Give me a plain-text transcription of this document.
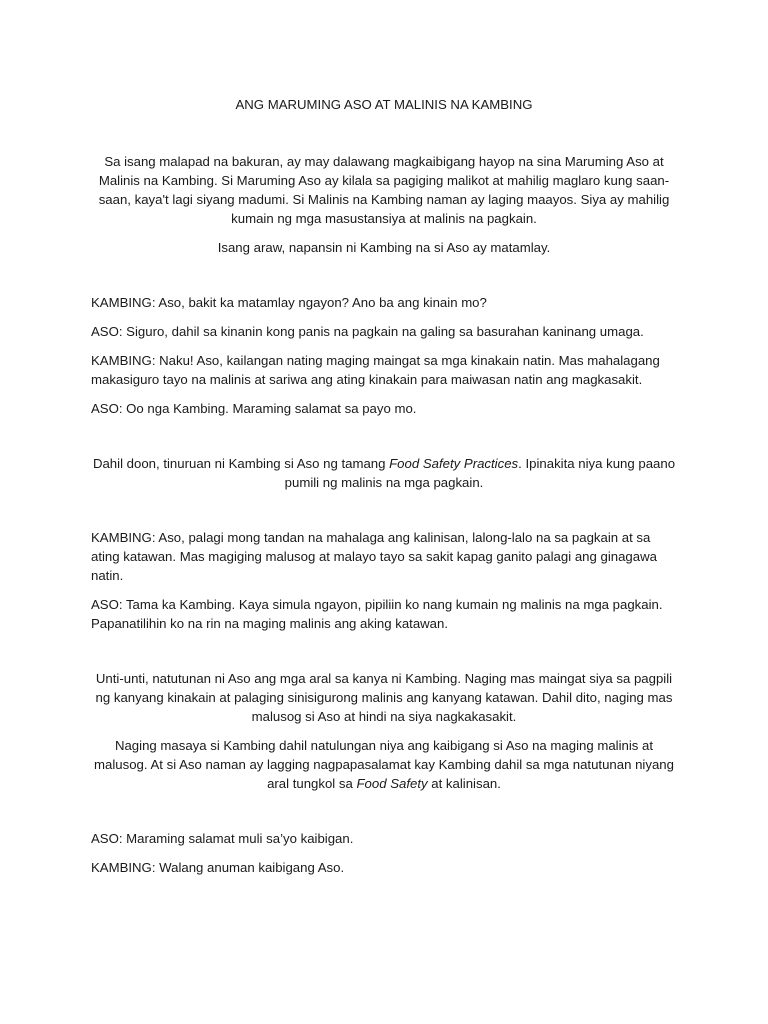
ANG MARUMING ASO AT MALINIS NA KAMBING

Sa isang malapad na bakuran, ay may dalawang magkaibigang hayop na sina Maruming Aso at Malinis na Kambing. Si Maruming Aso ay kilala sa pagiging malikot at mahilig maglaro kung saan-saan, kaya't lagi siyang madumi. Si Malinis na Kambing naman ay laging maayos. Siya ay mahilig kumain ng mga masustansiya at malinis na pagkain.

Isang araw, napansin ni Kambing na si Aso ay matamlay.

KAMBING: Aso, bakit ka matamlay ngayon? Ano ba ang kinain mo?

ASO: Siguro, dahil sa kinanin kong panis na pagkain na galing sa basurahan kaninang umaga.

KAMBING: Naku! Aso, kailangan nating maging maingat sa mga kinakain natin. Mas mahalagang makasiguro tayo na malinis at sariwa ang ating kinakain para maiwasan natin ang magkasakit.

ASO: Oo nga Kambing. Maraming salamat sa payo mo.

Dahil doon, tinuruan ni Kambing si Aso ng tamang Food Safety Practices. Ipinakita niya kung paano pumili ng malinis na mga pagkain.

KAMBING: Aso, palagi mong tandan na mahalaga ang kalinisan, lalong-lalo na sa pagkain at sa ating katawan. Mas magiging malusog at malayo tayo sa sakit kapag ganito palagi ang ginagawa natin.

ASO: Tama ka Kambing. Kaya simula ngayon, pipiliin ko nang kumain ng malinis na mga pagkain. Papanatilihin ko na rin na maging malinis ang aking katawan.

Unti-unti, natutunan ni Aso ang mga aral sa kanya ni Kambing. Naging mas maingat siya sa pagpili ng kanyang kinakain at palaging sinisigurong malinis ang kanyang katawan. Dahil dito, naging mas malusog si Aso at hindi na siya nagkakasakit.

Naging masaya si Kambing dahil natulungan niya ang kaibigang si Aso na maging malinis at malusog. At si Aso naman ay lagging nagpapasalamat kay Kambing dahil sa mga natutunan niyang aral tungkol sa Food Safety at kalinisan.

ASO: Maraming salamat muli sa’yo kaibigan.

KAMBING: Walang anuman kaibigang Aso.
